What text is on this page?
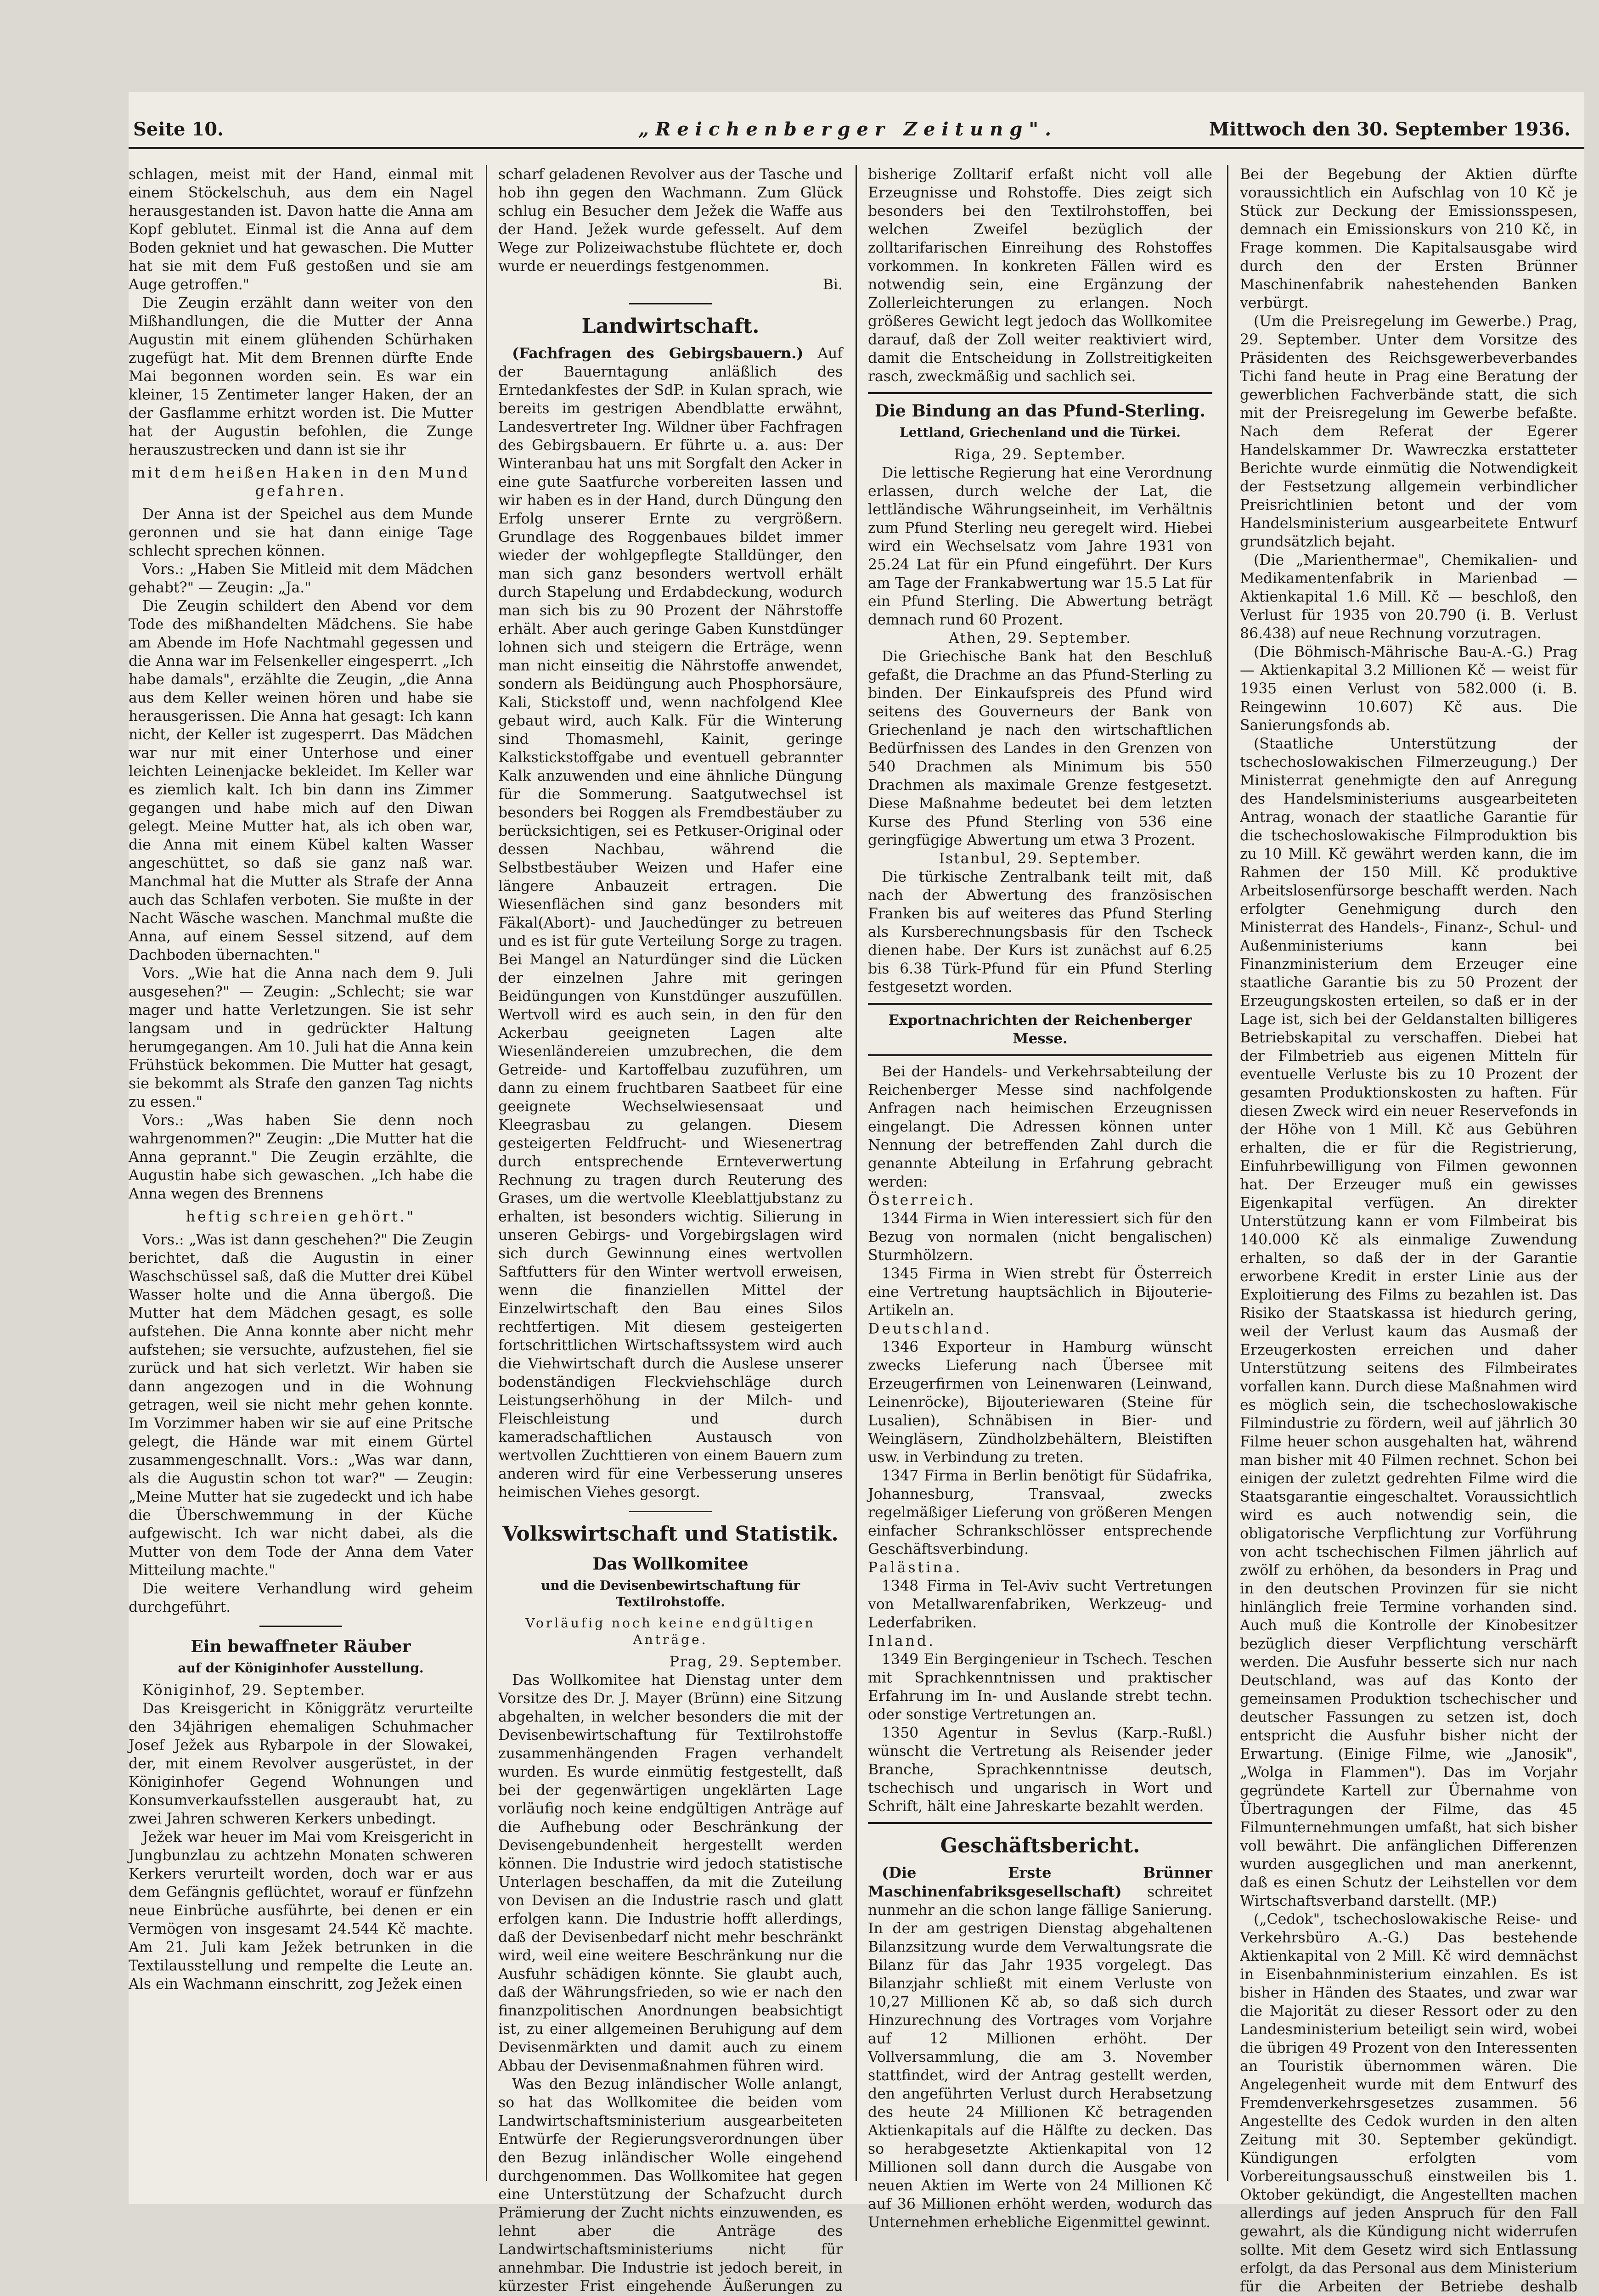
Seite 10.	„Reichenberger Zeitung".	Mittwoch den 30. September 1936.

schlagen, meist mit der Hand, einmal mit einem Stöckelschuh, aus dem ein Nagel herausgestanden ist. Davon hatte die Anna am Kopf geblutet. Einmal ist die Anna auf dem Boden gekniet und hat gewaschen. Die Mutter hat sie mit dem Fuß gestoßen und sie am Auge getroffen."

Die Zeugin erzählt dann weiter von den Mißhandlungen, die die Mutter der Anna Augustin mit einem glühenden Schürhaken zugefügt hat. Mit dem Brennen dürfte Ende Mai begonnen worden sein. Es war ein kleiner, 15 Zentimeter langer Haken, der an der Gasflamme erhitzt worden ist. Die Mutter hat der Augustin befohlen, die Zunge herauszustrecken und dann ist sie ihr

mit dem heißen Haken in den Mund gefahren.

Der Anna ist der Speichel aus dem Munde geronnen und sie hat dann einige Tage schlecht sprechen können.

Vors.: „Haben Sie Mitleid mit dem Mädchen gehabt?" — Zeugin: „Ja."

Die Zeugin schildert den Abend vor dem Tode des mißhandelten Mädchens. Sie habe am Abende im Hofe Nachtmahl gegessen und die Anna war im Felsenkeller eingesperrt. „Ich habe damals", erzählte die Zeugin, „die Anna aus dem Keller weinen hören und habe sie herausgerissen. Die Anna hat gesagt: Ich kann nicht, der Keller ist zugesperrt. Das Mädchen war nur mit einer Unterhose und einer leichten Leinenjacke bekleidet. Im Keller war es ziemlich kalt. Ich bin dann ins Zimmer gegangen und habe mich auf den Diwan gelegt. Meine Mutter hat, als ich oben war, die Anna mit einem Kübel kalten Wasser angeschüttet, so daß sie ganz naß war. Manchmal hat die Mutter als Strafe der Anna auch das Schlafen verboten. Sie mußte in der Nacht Wäsche waschen. Manchmal mußte die Anna, auf einem Sessel sitzend, auf dem Dachboden übernachten."

Vors. „Wie hat die Anna nach dem 9. Juli ausgesehen?" — Zeugin: „Schlecht; sie war mager und hatte Verletzungen. Sie ist sehr langsam und in gedrückter Haltung herumgegangen. Am 10. Juli hat die Anna kein Frühstück bekommen. Die Mutter hat gesagt, sie bekommt als Strafe den ganzen Tag nichts zu essen."

Vors.: „Was haben Sie denn noch wahrgenommen?" Zeugin: „Die Mutter hat die Anna geprannt." Die Zeugin erzählte, die Augustin habe sich gewaschen. „Ich habe die Anna wegen des Brennens

heftig schreien gehört."

Vors.: „Was ist dann geschehen?" Die Zeugin berichtet, daß die Augustin in einer Waschschüssel saß, daß die Mutter drei Kübel Wasser holte und die Anna übergoß. Die Mutter hat dem Mädchen gesagt, es solle aufstehen. Die Anna konnte aber nicht mehr aufstehen; sie versuchte, aufzustehen, fiel sie zurück und hat sich verletzt. Wir haben sie dann angezogen und in die Wohnung getragen, weil sie nicht mehr gehen konnte. Im Vorzimmer haben wir sie auf eine Pritsche gelegt, die Hände war mit einem Gürtel zusammengeschnallt. Vors.: „Was war dann, als die Augustin schon tot war?" — Zeugin: „Meine Mutter hat sie zugedeckt und ich habe die Überschwemmung in der Küche aufgewischt. Ich war nicht dabei, als die Mutter von dem Tode der Anna dem Vater Mitteilung machte."

Die weitere Verhandlung wird geheim durchgeführt.

Ein bewaffneter Räuber
auf der Königinhofer Ausstellung.

Königinhof, 29. September.

Das Kreisgericht in Königgrätz verurteilte den 34jährigen ehemaligen Schuhmacher Josef Ježek aus Rybarpole in der Slowakei, der, mit einem Revolver ausgerüstet, in der Königinhofer Gegend Wohnungen und Konsumverkaufsstellen ausgeraubt hat, zu zwei Jahren schweren Kerkers unbedingt.

Ježek war heuer im Mai vom Kreisgericht in Jungbunzlau zu achtzehn Monaten schweren Kerkers verurteilt worden, doch war er aus dem Gefängnis geflüchtet, worauf er fünfzehn neue Einbrüche ausführte, bei denen er ein Vermögen von insgesamt 24.544 Kč machte. Am 21. Juli kam Ježek betrunken in die Textilausstellung und rempelte die Leute an. Als ein Wachmann einschritt, zog Ježek einen

scharf geladenen Revolver aus der Tasche und hob ihn gegen den Wachmann. Zum Glück schlug ein Besucher dem Ježek die Waffe aus der Hand. Ježek wurde gefesselt. Auf dem Wege zur Polizeiwachstube flüchtete er, doch wurde er neuerdings festgenommen.

Bi.

Landwirtschaft.

(Fachfragen des Gebirgsbauern.) Auf der Bauerntagung anläßlich des Erntedankfestes der SdP. in Kulan sprach, wie bereits im gestrigen Abendblatte erwähnt, Landesvertreter Ing. Wildner über Fachfragen des Gebirgsbauern. Er führte u. a. aus: Der Winteranbau hat uns mit Sorgfalt den Acker in eine gute Saatfurche vorbereiten lassen und wir haben es in der Hand, durch Düngung den Erfolg unserer Ernte zu vergrößern. Grundlage des Roggenbaues bildet immer wieder der wohlgepflegte Stalldünger, den man sich ganz besonders wertvoll erhält durch Stapelung und Erdabdeckung, wodurch man sich bis zu 90 Prozent der Nährstoffe erhält. Aber auch geringe Gaben Kunstdünger lohnen sich und steigern die Erträge, wenn man nicht einseitig die Nährstoffe anwendet, sondern als Beidüngung auch Phosphorsäure, Kali, Stickstoff und, wenn nachfolgend Klee gebaut wird, auch Kalk. Für die Winterung sind Thomasmehl, Kainit, geringe Kalkstickstoffgabe und eventuell gebrannter Kalk anzuwenden und eine ähnliche Düngung für die Sommerung. Saatgutwechsel ist besonders bei Roggen als Fremdbestäuber zu berücksichtigen, sei es Petkuser-Original oder dessen Nachbau, während die Selbstbestäuber Weizen und Hafer eine längere Anbauzeit ertragen. Die Wiesenflächen sind ganz besonders mit Fäkal(Abort)- und Jauchedünger zu betreuen und es ist für gute Verteilung Sorge zu tragen. Bei Mangel an Naturdünger sind die Lücken der einzelnen Jahre mit geringen Beidüngungen von Kunstdünger auszufüllen. Wertvoll wird es auch sein, in den für den Ackerbau geeigneten Lagen alte Wiesenländereien umzubrechen, die dem Getreide- und Kartoffelbau zuzuführen, um dann zu einem fruchtbaren Saatbeet für eine geeignete Wechselwiesensaat und Kleegrasbau zu gelangen. Diesem gesteigerten Feldfrucht- und Wiesenertrag durch entsprechende Ernteverwertung Rechnung zu tragen durch Reuterung des Grases, um die wertvolle Kleeblattjubstanz zu erhalten, ist besonders wichtig. Silierung in unseren Gebirgs- und Vorgebirgslagen wird sich durch Gewinnung eines wertvollen Saftfutters für den Winter wertvoll erweisen, wenn die finanziellen Mittel der Einzelwirtschaft den Bau eines Silos rechtfertigen. Mit diesem gesteigerten fortschrittlichen Wirtschaftssystem wird auch die Viehwirtschaft durch die Auslese unserer bodenständigen Fleckviehschläge durch Leistungserhöhung in der Milch- und Fleischleistung und durch kameradschaftlichen Austausch von wertvollen Zuchttieren von einem Bauern zum anderen wird für eine Verbesserung unseres heimischen Viehes gesorgt.

Volkswirtschaft und Statistik.
Das Wollkomitee
und die Devisenbewirtschaftung für Textilrohstoffe.
Vorläufig noch keine endgültigen Anträge.

Prag, 29. September.

Das Wollkomitee hat Dienstag unter dem Vorsitze des Dr. J. Mayer (Brünn) eine Sitzung abgehalten, in welcher besonders die mit der Devisenbewirtschaftung für Textilrohstoffe zusammenhängenden Fragen verhandelt wurden. Es wurde einmütig festgestellt, daß bei der gegenwärtigen ungeklärten Lage vorläufig noch keine endgültigen Anträge auf die Aufhebung oder Beschränkung der Devisengebundenheit hergestellt werden können. Die Industrie wird jedoch statistische Unterlagen beschaffen, da mit die Zuteilung von Devisen an die Industrie rasch und glatt erfolgen kann. Die Industrie hofft allerdings, daß der Devisenbedarf nicht mehr beschränkt wird, weil eine weitere Beschränkung nur die Ausfuhr schädigen könnte. Sie glaubt auch, daß der Währungsfrieden, so wie er nach den finanzpolitischen Anordnungen beabsichtigt ist, zu einer allgemeinen Beruhigung auf dem Devisenmärkten und damit auch zu einem Abbau der Devisenmaßnahmen führen wird.

Was den Bezug inländischer Wolle anlangt, so hat das Wollkomitee die beiden vom Landwirtschaftsministerium ausgearbeiteten Entwürfe der Regierungsverordnungen über den Bezug inländischer Wolle eingehend durchgenommen. Das Wollkomitee hat gegen eine Unterstützung der Schafzucht durch Prämierung der Zucht nichts einzuwenden, es lehnt aber die Anträge des Landwirtschaftsministeriums nicht für annehmbar. Die Industrie ist jedoch bereit, in kürzester Frist eingehende Äußerungen zu

bisherige Zolltarif erfaßt nicht voll alle Erzeugnisse und Rohstoffe. Dies zeigt sich besonders bei den Textilrohstoffen, bei welchen Zweifel bezüglich der zolltarifarischen Einreihung des Rohstoffes vorkommen. In konkreten Fällen wird es notwendig sein, eine Ergänzung der Zollerleichterungen zu erlangen. Noch größeres Gewicht legt jedoch das Wollkomitee darauf, daß der Zoll weiter reaktiviert wird, damit die Entscheidung in Zollstreitigkeiten rasch, zweckmäßig und sachlich sei.

Die Bindung an das Pfund-Sterling.
Lettland, Griechenland und die Türkei.

Riga, 29. September.

Die lettische Regierung hat eine Verordnung erlassen, durch welche der Lat, die lettländische Währungseinheit, im Verhältnis zum Pfund Sterling neu geregelt wird. Hiebei wird ein Wechselsatz vom Jahre 1931 von 25.24 Lat für ein Pfund eingeführt. Der Kurs am Tage der Frankabwertung war 15.5 Lat für ein Pfund Sterling. Die Abwertung beträgt demnach rund 60 Prozent.

Athen, 29. September.

Die Griechische Bank hat den Beschluß gefaßt, die Drachme an das Pfund-Sterling zu binden. Der Einkaufspreis des Pfund wird seitens des Gouverneurs der Bank von Griechenland je nach den wirtschaftlichen Bedürfnissen des Landes in den Grenzen von 540 Drachmen als Minimum bis 550 Drachmen als maximale Grenze festgesetzt. Diese Maßnahme bedeutet bei dem letzten Kurse des Pfund Sterling von 536 eine geringfügige Abwertung um etwa 3 Prozent.

Istanbul, 29. September.

Die türkische Zentralbank teilt mit, daß nach der Abwertung des französischen Franken bis auf weiteres das Pfund Sterling als Kursberechnungsbasis für den Tscheck dienen habe. Der Kurs ist zunächst auf 6.25 bis 6.38 Türk-Pfund für ein Pfund Sterling festgesetzt worden.

Exportnachrichten der Reichenberger Messe.

Bei der Handels- und Verkehrsabteilung der Reichenberger Messe sind nachfolgende Anfragen nach heimischen Erzeugnissen eingelangt. Die Adressen können unter Nennung der betreffenden Zahl durch die genannte Abteilung in Erfahrung gebracht werden:

Österreich.

1344 Firma in Wien interessiert sich für den Bezug von normalen (nicht bengalischen) Sturmhölzern.

1345 Firma in Wien strebt für Österreich eine Vertretung hauptsächlich in Bijouterie-Artikeln an.

Deutschland.

1346 Exporteur in Hamburg wünscht zwecks Lieferung nach Übersee mit Erzeugerfirmen von Leinenwaren (Leinwand, Leinenröcke), Bijouteriewaren (Steine für Lusalien), Schnäbisen in Bier- und Weingläsern, Zündholzbehältern, Bleistiften usw. in Verbindung zu treten.

1347 Firma in Berlin benötigt für Südafrika, Johannesburg, Transvaal, zwecks regelmäßiger Lieferung von größeren Mengen einfacher Schrankschlösser entsprechende Geschäftsverbindung.

Palästina.

1348 Firma in Tel-Aviv sucht Vertretungen von Metallwarenfabriken, Werkzeug- und Lederfabriken.

Inland.

1349 Ein Bergingenieur in Tschech. Teschen mit Sprachkenntnissen und praktischer Erfahrung im In- und Auslande strebt techn. oder sonstige Vertretungen an.

1350 Agentur in Sevlus (Karp.-Rußl.) wünscht die Vertretung als Reisender jeder Branche, Sprachkenntnisse deutsch, tschechisch und ungarisch in Wort und Schrift, hält eine Jahreskarte bezahlt werden.

Geschäftsbericht.

(Die Erste Brünner Maschinenfabriksgesellschaft) schreitet nunmehr an die schon lange fällige Sanierung. In der am gestrigen Dienstag abgehaltenen Bilanzsitzung wurde dem Verwaltungsrate die Bilanz für das Jahr 1935 vorgelegt. Das Bilanzjahr schließt mit einem Verluste von 10,27 Millionen Kč ab, so daß sich durch Hinzurechnung des Vortrages vom Vorjahre auf 12 Millionen erhöht. Der Vollversammlung, die am 3. November stattfindet, wird der Antrag gestellt werden, den angeführten Verlust durch Herabsetzung des heute 24 Millionen Kč betragenden Aktienkapitals auf die Hälfte zu decken. Das so herabgesetzte Aktienkapital von 12 Millionen soll dann durch die Ausgabe von neuen Aktien im Werte von 24 Millionen Kč auf 36 Millionen erhöht werden, wodurch das Unternehmen erhebliche Eigenmittel gewinnt.

Bei der Begebung der Aktien dürfte voraussichtlich ein Aufschlag von 10 Kč je Stück zur Deckung der Emissionsspesen, demnach ein Emissionskurs von 210 Kč, in Frage kommen. Die Kapitalsausgabe wird durch den der Ersten Brünner Maschinenfabrik nahestehenden Banken verbürgt.

(Um die Preisregelung im Gewerbe.) Prag, 29. September. Unter dem Vorsitze des Präsidenten des Reichsgewerbeverbandes Tichi fand heute in Prag eine Beratung der gewerblichen Fachverbände statt, die sich mit der Preisregelung im Gewerbe befaßte. Nach dem Referat der Egerer Handelskammer Dr. Wawreczka erstatteter Berichte wurde einmütig die Notwendigkeit der Festsetzung allgemein verbindlicher Preisrichtlinien betont und der vom Handelsministerium ausgearbeitete Entwurf grundsätzlich bejaht.

(Die „Marienthermae", Chemikalien- und Medikamentenfabrik in Marienbad — Aktienkapital 1.6 Mill. Kč — beschloß, den Verlust für 1935 von 20.790 (i. B. Verlust 86.438) auf neue Rechnung vorzutragen.

(Die Böhmisch-Mährische Bau-A.-G.) Prag — Aktienkapital 3.2 Millionen Kč — weist für 1935 einen Verlust von 582.000 (i. B. Reingewinn 10.607) Kč aus. Die Sanierungsfonds ab.

(Staatliche Unterstützung der tschechoslowakischen Filmerzeugung.) Der Ministerrat genehmigte den auf Anregung des Handelsministeriums ausgearbeiteten Antrag, wonach der staatliche Garantie für die tschechoslowakische Filmproduktion bis zu 10 Mill. Kč gewährt werden kann, die im Rahmen der 150 Mill. Kč produktive Arbeitslosenfürsorge beschafft werden. Nach erfolgter Genehmigung durch den Ministerrat des Handels-, Finanz-, Schul- und Außenministeriums kann bei Finanzministerium dem Erzeuger eine staatliche Garantie bis zu 50 Prozent der Erzeugungskosten erteilen, so daß er in der Lage ist, sich bei der Geldanstalten billigeres Betriebskapital zu verschaffen. Diebei hat der Filmbetrieb aus eigenen Mitteln für eventuelle Verluste bis zu 10 Prozent der gesamten Produktionskosten zu haften. Für diesen Zweck wird ein neuer Reservefonds in der Höhe von 1 Mill. Kč aus Gebühren erhalten, die er für die Registrierung, Einfuhrbewilligung von Filmen gewonnen hat. Der Erzeuger muß ein gewisses Eigenkapital verfügen. An direkter Unterstützung kann er vom Filmbeirat bis 140.000 Kč als einmalige Zuwendung erhalten, so daß der in der Garantie erworbene Kredit in erster Linie aus der Exploitierung des Films zu bezahlen ist. Das Risiko der Staatskassa ist hiedurch gering, weil der Verlust kaum das Ausmaß der Erzeugerkosten erreichen und daher Unterstützung seitens des Filmbeirates vorfallen kann. Durch diese Maßnahmen wird es möglich sein, die tschechoslowakische Filmindustrie zu fördern, weil auf jährlich 30 Filme heuer schon ausgehalten hat, während man bisher mit 40 Filmen rechnet. Schon bei einigen der zuletzt gedrehten Filme wird die Staatsgarantie eingeschaltet. Voraussichtlich wird es auch notwendig sein, die obligatorische Verpflichtung zur Vorführung von acht tschechischen Filmen jährlich auf zwölf zu erhöhen, da besonders in Prag und in den deutschen Provinzen für sie nicht hinlänglich freie Termine vorhanden sind. Auch muß die Kontrolle der Kinobesitzer bezüglich dieser Verpflichtung verschärft werden. Die Ausfuhr besserte sich nur nach Deutschland, was auf das Konto der gemeinsamen Produktion tschechischer und deutscher Fassungen zu setzen ist, doch entspricht die Ausfuhr bisher nicht der Erwartung. (Einige Filme, wie „Janosik", „Wolga in Flammen"). Das im Vorjahr gegründete Kartell zur Übernahme von Übertragungen der Filme, das 45 Filmunternehmungen umfaßt, hat sich bisher voll bewährt. Die anfänglichen Differenzen wurden ausgeglichen und man anerkennt, daß es einen Schutz der Leihstellen vor dem Wirtschaftsverband darstellt. (MP.)

(„Cedok", tschechoslowakische Reise- und Verkehrsbüro A.-G.) Das bestehende Aktienkapital von 2 Mill. Kč wird demnächst in Eisenbahnministerium einzahlen. Es ist bisher in Händen des Staates, und zwar war die Majorität zu dieser Ressort oder zu den Landesministerium beteiligt sein wird, wobei die übrigen 49 Prozent von den Interessenten an Touristik übernommen wären. Die Angelegenheit wurde mit dem Entwurf des Fremdenverkehrsgesetzes zusammen. 56 Angestellte des Cedok wurden in den alten Zeitung mit 30. September gekündigt. Kündigungen erfolgten vom Vorbereitungsausschuß einstweilen bis 1. Oktober gekündigt, die Angestellten machen allerdings auf jeden Anspruch für den Fall gewahrt, als die Kündigung nicht widerrufen sollte. Mit dem Gesetz wird sich Entlassung erfolgt, da das Personal aus dem Ministerium für die Arbeiten der Betriebe deshalb
